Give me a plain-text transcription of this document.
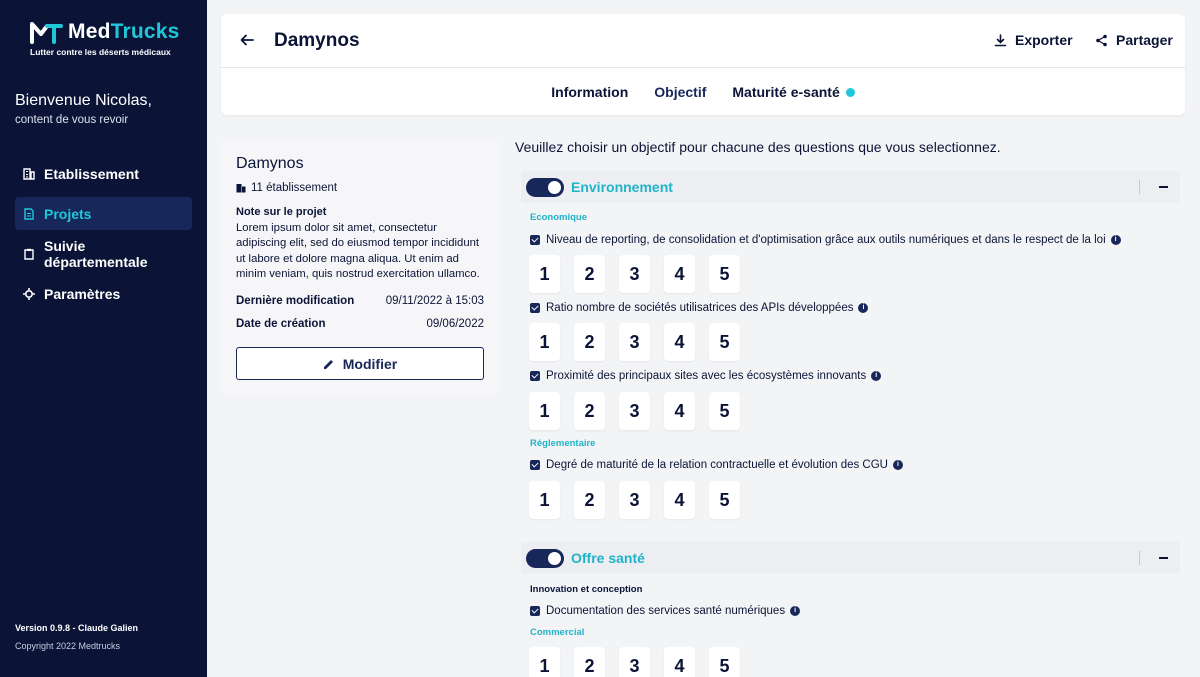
MedTrucks
Lutter contre les déserts médicaux
Bienvenue Nicolas,
content de vous revoir
Etablissement
Projets
Suivie départementale
Paramètres
Version 0.9.8 - Claude Galien
Copyright 2022 Medtrucks
Damynos	Exporter	Partager
Information Objectif Maturité e-santé
Damynos
11 établissement
Note sur le projet
Lorem ipsum dolor sit amet, consectetur adipiscing elit, sed do eiusmod tempor incididunt ut labore et dolore magna aliqua. Ut enim ad minim veniam, quis nostrud exercitation ullamco.
Dernière modification	09/11/2022 à 15:03
Date de création	09/06/2022
Modifier
Veuillez choisir un objectif pour chacune des questions que vous selectionnez.
Environnement
Economique
Niveau de reporting, de consolidation et d'optimisation grâce aux outils numériques et dans le respect de la loi	i
1	2	3	4	5
Ratio nombre de sociétés utilisatrices des APIs développées	i
1	2	3	4	5
Proximité des principaux sites avec les écosystèmes innovants	i
1	2	3	4	5
Réglementaire
Degré de maturité de la relation contractuelle et évolution des CGU	i
1	2	3	4	5
Offre santé
Innovation et conception
Documentation des services santé numériques	i
Commercial
1	2	3	4	5
